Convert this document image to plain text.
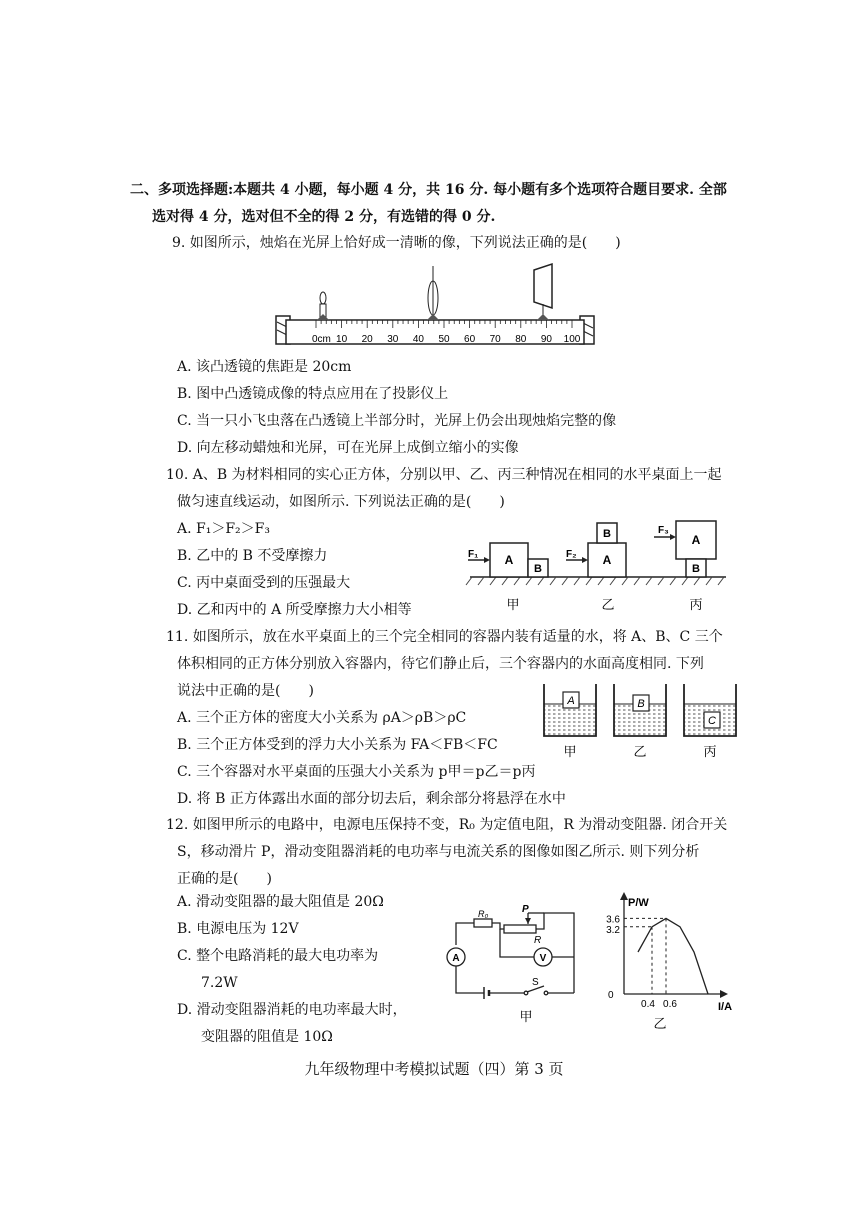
二、多项选择题:本题共 4 小题，每小题 4 分，共 16 分. 每小题有多个选项符合题目要求. 全部
选对得 4 分，选对但不全的得 2 分，有选错的得 0 分.
9. 如图所示，烛焰在光屏上恰好成一清晰的像，下列说法正确的是(　　)
0cm 10 20 30 40 50 60 70 80 90 100
A. 该凸透镜的焦距是 20cm
B. 图中凸透镜成像的特点应用在了投影仪上
C. 当一只小飞虫落在凸透镜上半部分时，光屏上仍会出现烛焰完整的像
D. 向左移动蜡烛和光屏，可在光屏上成倒立缩小的实像
10. A、B 为材料相同的实心正方体，分别以甲、乙、丙三种情况在相同的水平桌面上一起
做匀速直线运动，如图所示. 下列说法正确的是(　　)
A. F₁＞F₂＞F₃
B. 乙中的 B 不受摩擦力
C. 丙中桌面受到的压强最大
D. 乙和丙中的 A 所受摩擦力大小相等
A
B
F₁	A
B
F₂
A
B
F₃
甲	乙	丙
11. 如图所示，放在水平桌面上的三个完全相同的容器内装有适量的水，将 A、B、C 三个
体积相同的正方体分别放入容器内，待它们静止后，三个容器内的水面高度相同. 下列
说法中正确的是(　　)
A. 三个正方体的密度大小关系为 ρA＞ρB＞ρC
B. 三个正方体受到的浮力大小关系为 FA＜FB＜FC
C. 三个容器对水平桌面的压强大小关系为 p甲＝p乙＝p丙
D. 将 B 正方体露出水面的部分切去后，剩余部分将悬浮在水中
A	B
C
甲	乙	丙
12. 如图甲所示的电路中，电源电压保持不变，R₀ 为定值电阻，R 为滑动变阻器. 闭合开关
S，移动滑片 P，滑动变阻器消耗的电功率与电流关系的图像如图乙所示. 则下列分析
正确的是(　　)
A. 滑动变阻器的最大阻值是 20Ω
B. 电源电压为 12V
C. 整个电路消耗的最大电功率为
7.2W
D. 滑动变阻器消耗的电功率最大时，
变阻器的阻值是 10Ω
R₀	P
R
A	V
S
甲
P/W
I/A
0
3.6
3.2
0.4 0.6
乙
九年级物理中考模拟试题（四）第 3 页
